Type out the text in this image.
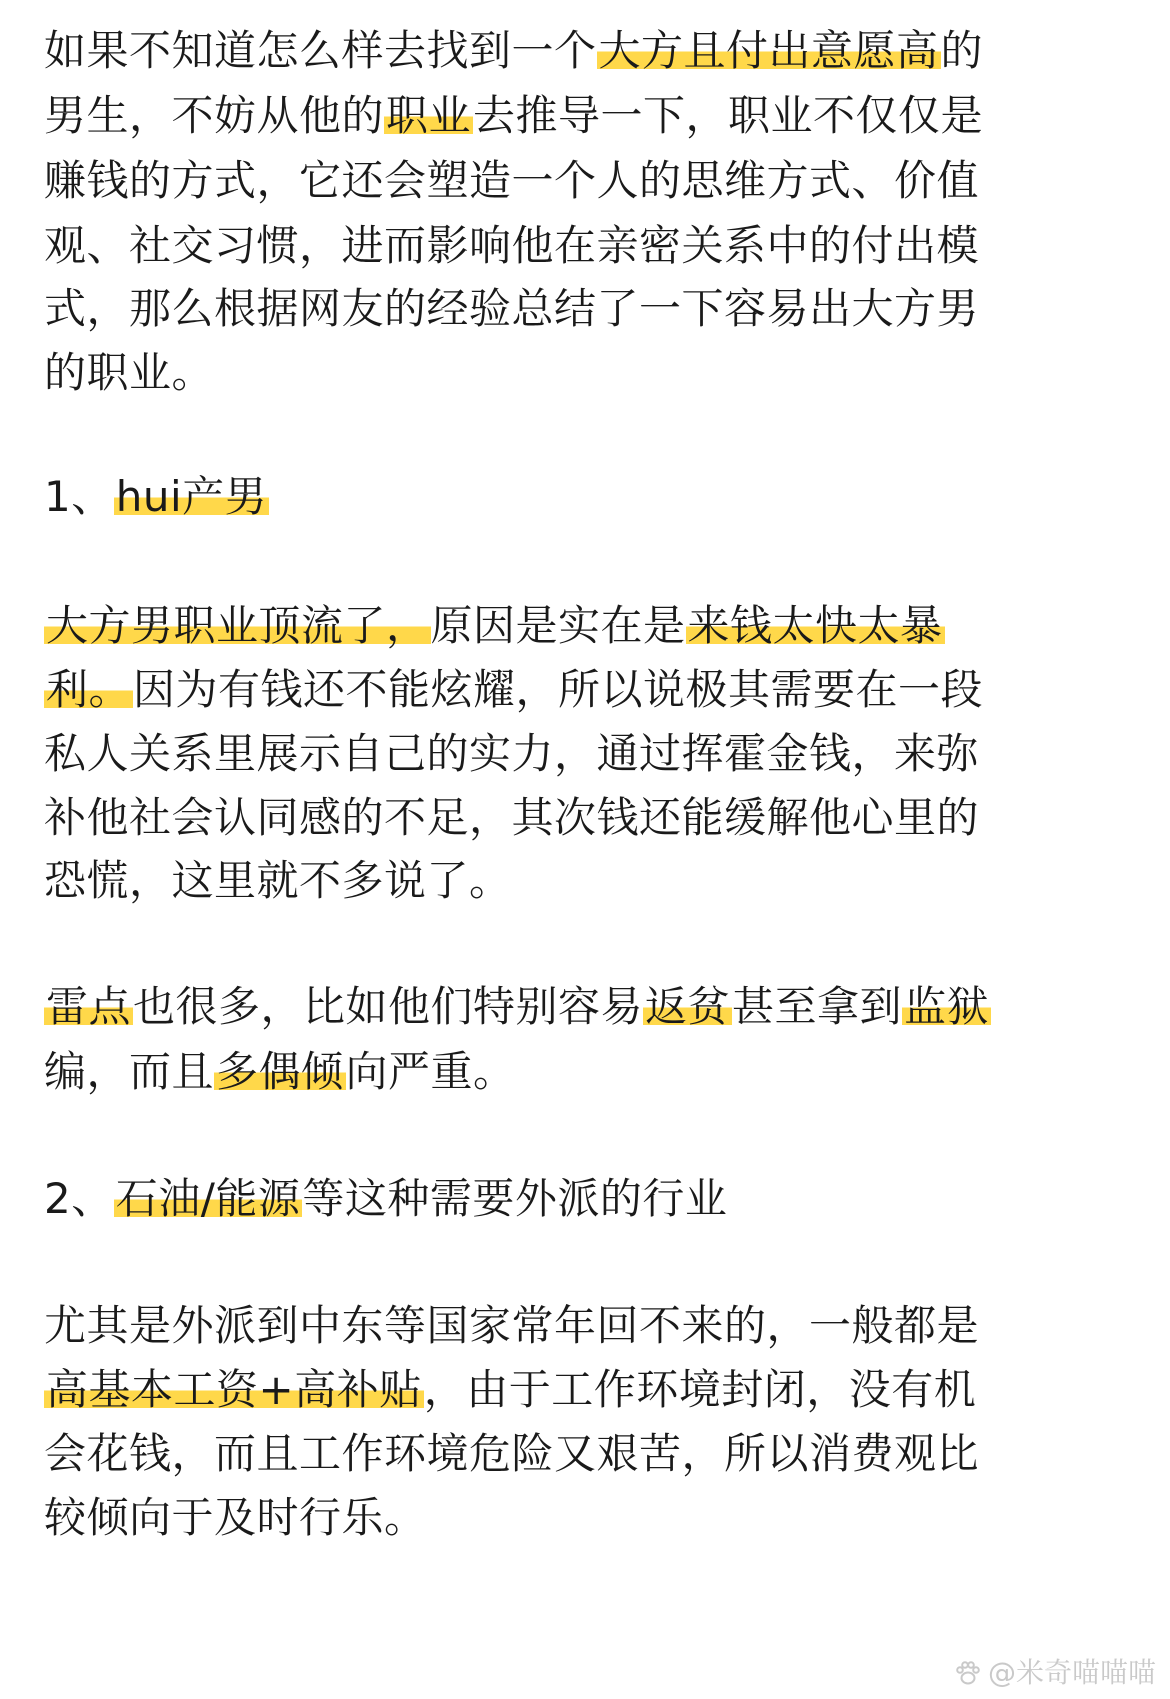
如果不知道怎么样去找到一个大方且付出意愿高的
男生，不妨从他的职业去推导一下，职业不仅仅是
赚钱的方式，它还会塑造一个人的思维方式、价值
观、社交习惯，进而影响他在亲密关系中的付出模
式，那么根据网友的经验总结了一下容易出大方男
的职业。
1、hui产男
大方男职业顶流了，原因是实在是来钱太快太暴
利。因为有钱还不能炫耀，所以说极其需要在一段
私人关系里展示自己的实力，通过挥霍金钱，来弥
补他社会认同感的不足，其次钱还能缓解他心里的
恐慌，这里就不多说了。
雷点也很多，比如他们特别容易返贫甚至拿到监狱
编，而且多偶倾向严重。
2、石油/能源等这种需要外派的行业
尤其是外派到中东等国家常年回不来的，一般都是
高基本工资+高补贴，由于工作环境封闭，没有机
会花钱，而且工作环境危险又艰苦，所以消费观比
较倾向于及时行乐。
@米奇喵喵喵
